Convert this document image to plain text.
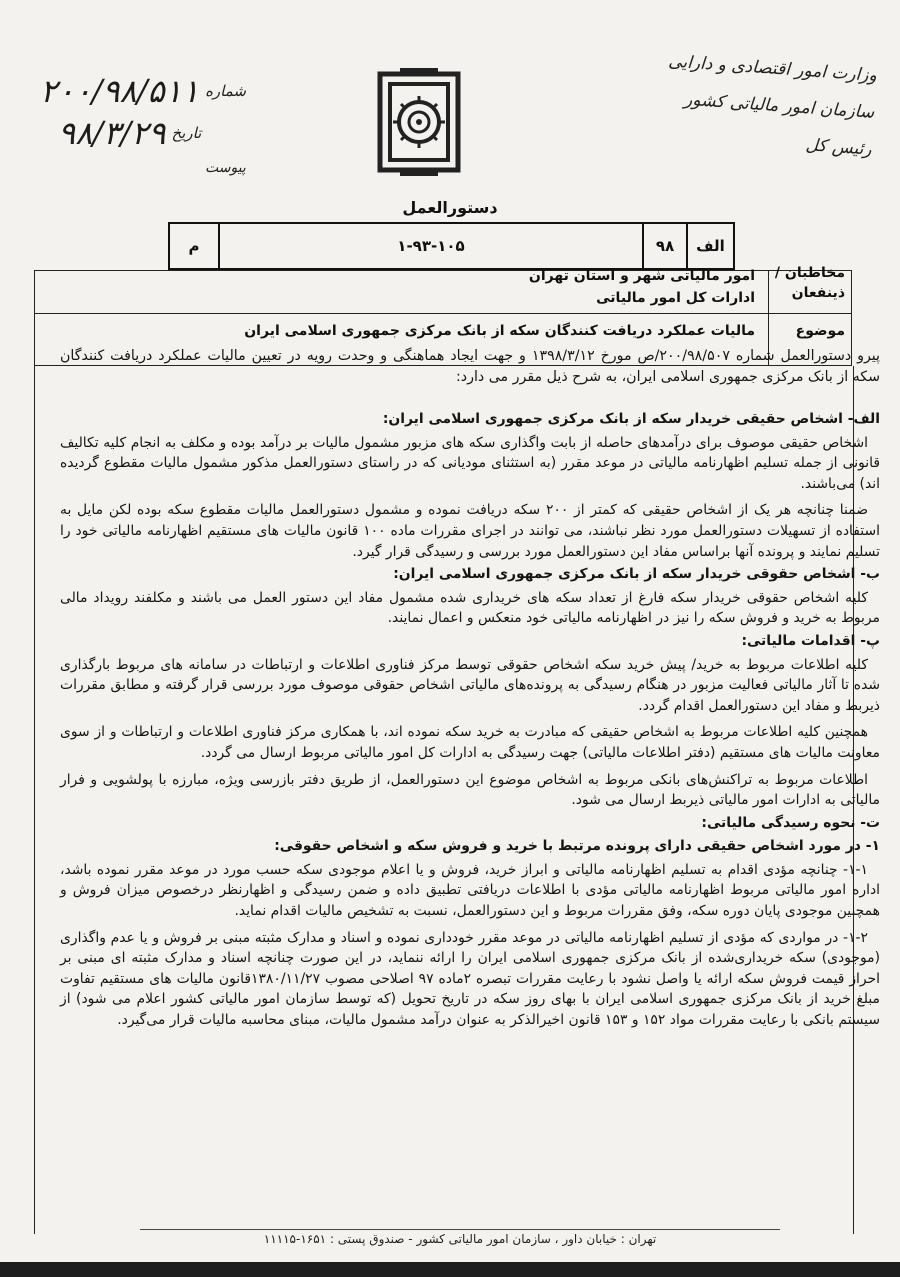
وزارت امور اقتصادی و دارایی
سازمان امور مالیاتی کشور
رئیس کل
۲۰۰/۹۸/۵۱۱ شماره
۹۸/۳/۲۹ تاریخ
پیوست
دستورالعمل
م	۱-۹۳-۱۰۵	۹۸	الف
مخاطبان /
ذینفعان
امور مالیاتی شهر و استان تهران
ادارات کل امور مالیاتی
موضوع
مالیات عملکرد دریافت کنندگان سکه از بانک مرکزی جمهوری اسلامی ایران
پیرو دستورالعمل شماره ۲۰۰/۹۸/۵۰۷/ص مورخ ۱۳۹۸/۳/۱۲ و جهت ایجاد هماهنگی و وحدت رویه در تعیین مالیات عملکرد دریافت کنندگان سکه از بانک مرکزی جمهوری اسلامی ایران، به شرح ذیل مقرر می دارد:

الف- اشخاص حقیقی خریدار سکه از بانک مرکزی جمهوری اسلامی ایران:

اشخاص حقیقی موصوف برای درآمدهای حاصله از بابت واگذاری سکه های مزبور مشمول مالیات بر درآمد بوده و مکلف به انجام کلیه تکالیف قانونی از جمله تسلیم اظهارنامه مالیاتی در موعد مقرر (به استثنای مودیانی که در راستای دستورالعمل مذکور مشمول مالیات مقطوع گردیده اند) می‌باشند.

ضمنا چنانچه هر یک از اشخاص حقیقی که کمتر از ۲۰۰ سکه دریافت نموده و مشمول دستورالعمل مالیات مقطوع سکه بوده لکن مایل به استفاده از تسهیلات دستورالعمل مورد نظر نباشند، می توانند در اجرای مقررات ماده ۱۰۰ قانون مالیات های مستقیم اظهارنامه مالیاتی خود را تسلیم نمایند و پرونده آنها براساس مفاد این دستورالعمل مورد بررسی و رسیدگی قرار گیرد.

ب- اشخاص حقوقی خریدار سکه از بانک مرکزی جمهوری اسلامی ایران:

کلیه اشخاص حقوقی خریدار سکه فارغ از تعداد سکه های خریداری شده مشمول مفاد این دستور العمل می باشند و مکلفند رویداد مالی مربوط به خرید و فروش سکه را نیز در اظهارنامه مالیاتی خود منعکس و اعمال نمایند.

پ- اقدامات مالیاتی:

کلیه اطلاعات مربوط به خرید/ پیش خرید سکه اشخاص حقوقی توسط مرکز فناوری اطلاعات و ارتباطات در سامانه های مربوط بارگذاری شده تا آثار مالیاتی فعالیت مزبور در هنگام رسیدگی به پرونده‌های مالیاتی اشخاص حقوقی موصوف مورد بررسی قرار گرفته و مطابق مقررات ذیربط و مفاد این دستورالعمل اقدام گردد.

همچنین کلیه اطلاعات مربوط به اشخاص حقیقی که مبادرت به خرید سکه نموده اند، با همکاری مرکز فناوری اطلاعات و ارتباطات و از سوی معاونت مالیات های مستقیم (دفتر اطلاعات مالیاتی) جهت رسیدگی به ادارات کل امور مالیاتی مربوط ارسال می گردد.

اطلاعات مربوط به تراکنش‌های بانکی مربوط به اشخاص موضوع این دستورالعمل، از طریق دفتر بازرسی ویژه، مبارزه با پولشویی و فرار مالیاتی به ادارات امور مالیاتی ذیربط ارسال می شود.

ت- نحوه رسیدگی مالیاتی:

۱- در مورد اشخاص حقیقی دارای پرونده مرتبط با خرید و فروش سکه و اشخاص حقوقی:

۱-۱- چنانچه مؤدی اقدام به تسلیم اظهارنامه مالیاتی و ابراز خرید، فروش و یا اعلام موجودی سکه حسب مورد در موعد مقرر نموده باشد، اداره امور مالیاتی مربوط اظهارنامه مالیاتی مؤدی با اطلاعات دریافتی تطبیق داده و ضمن رسیدگی و اظهارنظر درخصوص میزان فروش و همچنین موجودی پایان دوره سکه، وفق مقررات مربوط و این دستورالعمل، نسبت به تشخیص مالیات اقدام نماید.

۱-۲- در مواردی که مؤدی از تسلیم اظهارنامه مالیاتی در موعد مقرر خودداری نموده و اسناد و مدارک مثبته مبنی بر فروش و یا عدم واگذاری (موجودی) سکه خریداری‌شده از بانک مرکزی جمهوری اسلامی ایران را ارائه ننماید، در این صورت چنانچه اسناد و مدارک مثبته ای مبنی بر احراز قیمت فروش سکه ارائه یا واصل نشود با رعایت مقررات تبصره ۲ماده ۹۷ اصلاحی مصوب ۱۳۸۰/۱۱/۲۷قانون مالیات های مستقیم تفاوت مبلغ خرید از بانک مرکزی جمهوری اسلامی ایران با بهای روز سکه در تاریخ تحویل (که توسط سازمان امور مالیاتی کشور اعلام می شود) از سیستم بانکی با رعایت مقررات مواد ۱۵۲ و ۱۵۳ قانون اخیرالذکر به عنوان درآمد مشمول مالیات، مبنای محاسبه مالیات قرار می‌گیرد.

تهران : خیابان داور ، سازمان امور مالیاتی کشور - صندوق پستی : ۱۶۵۱-۱۱۱۱۵
